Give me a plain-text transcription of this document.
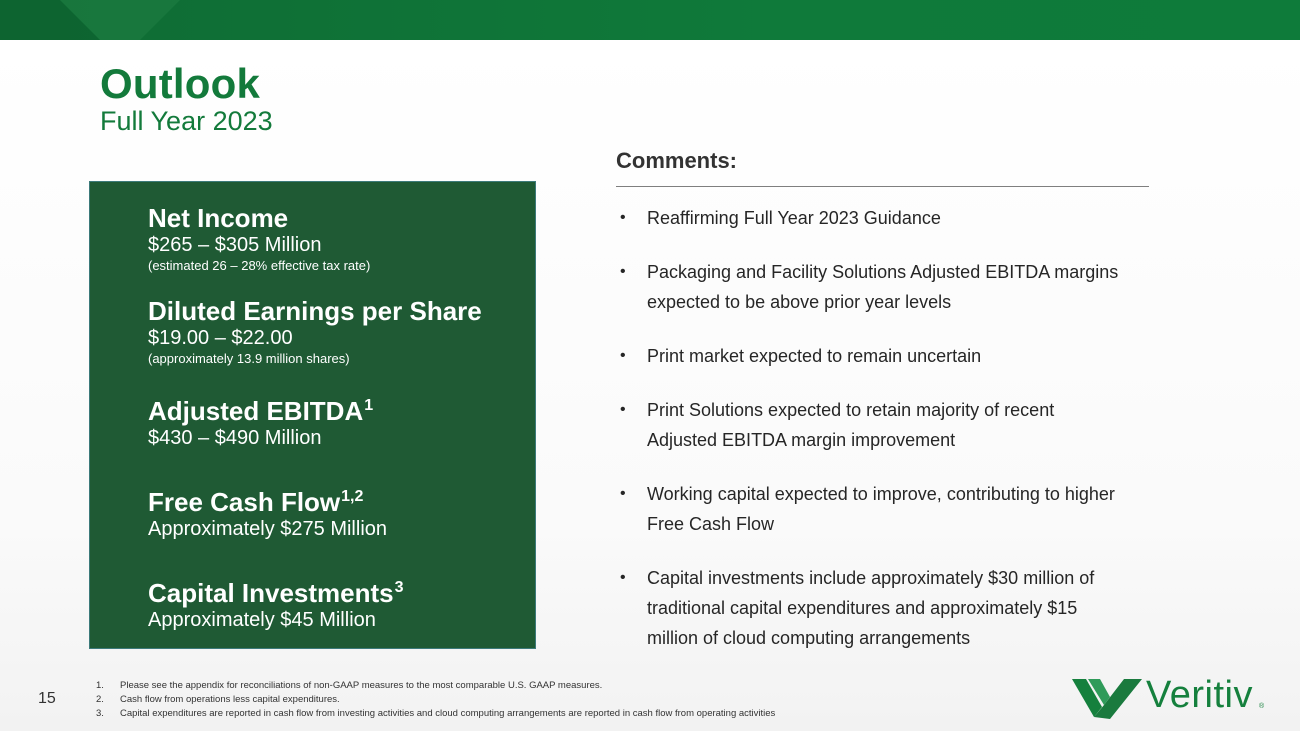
Outlook
Full Year 2023
Net Income
$265 – $305 Million
(estimated 26 – 28% effective tax rate)
Diluted Earnings per Share
$19.00 – $22.00
(approximately 13.9 million shares)
Adjusted EBITDA$^1$
$430 – $490 Million
Free Cash Flow$^{1,2}$
Approximately $275 Million
Capital Investments$^3$
Approximately $45 Million
Comments:
• Reaffirming Full Year 2023 Guidance
• Packaging and Facility Solutions Adjusted EBITDA margins
expected to be above prior year levels
• Print market expected to remain uncertain
• Print Solutions expected to retain majority of recent
Adjusted EBITDA margin improvement
• Working capital expected to improve, contributing to higher
Free Cash Flow
• Capital investments include approximately $30 million of
traditional capital expenditures and approximately $15
million of cloud computing arrangements
15
1. Please see the appendix for reconciliations of non-GAAP measures to the most comparable U.S. GAAP measures.
2. Cash flow from operations less capital expenditures.
3. Capital expenditures are reported in cash flow from investing activities and cloud computing arrangements are reported in cash flow from operating activities	Veritiv ®
